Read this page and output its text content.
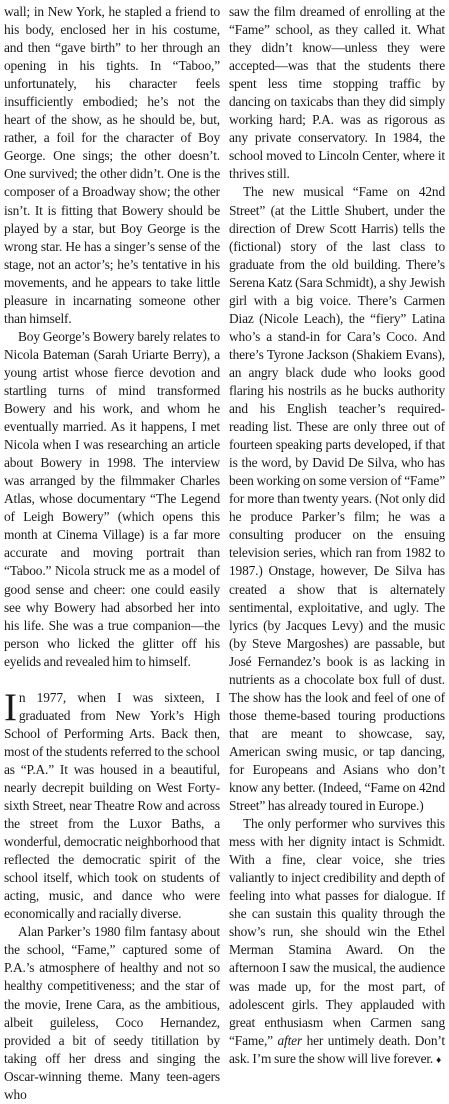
wall; in New York, he stapled a friend to his body, enclosed her in his costume, and then “gave birth” to her through an opening in his tights. In “Taboo,” unfortunately, his character feels insufficiently embodied; he’s not the heart of the show, as he should be, but, rather, a foil for the character of Boy George. One sings; the other doesn’t. One survived; the other didn’t. One is the composer of a Broadway show; the other isn’t. It is fitting that Bowery should be played by a star, but Boy George is the wrong star. He has a singer’s sense of the stage, not an actor’s; he’s tentative in his movements, and he appears to take little pleasure in incarnating someone other than himself.

Boy George’s Bowery barely relates to Nicola Bateman (Sarah Uriarte Berry), a young artist whose fierce devotion and startling turns of mind transformed Bowery and his work, and whom he eventually married. As it happens, I met Nicola when I was researching an article about Bowery in 1998. The interview was arranged by the filmmaker Charles Atlas, whose documentary “The Legend of Leigh Bowery” (which opens this month at Cinema Village) is a far more accurate and moving portrait than “Taboo.” Nicola struck me as a model of good sense and cheer: one could easily see why Bowery had absorbed her into his life. She was a true companion—the person who licked the glitter off his eyelids and revealed him to himself.

In 1977, when I was sixteen, I graduated from New York’s High School of Performing Arts. Back then, most of the students referred to the school as “P.A.” It was housed in a beautiful, nearly decrepit building on West Forty-sixth Street, near Theatre Row and across the street from the Luxor Baths, a wonderful, democratic neighborhood that reflected the democratic spirit of the school itself, which took on students of acting, music, and dance who were economically and racially diverse.

Alan Parker’s 1980 film fantasy about the school, “Fame,” captured some of P.A.’s atmosphere of healthy and not so healthy competitiveness; and the star of the movie, Irene Cara, as the ambitious, albeit guileless, Coco Hernandez, provided a bit of seedy titillation by taking off her dress and singing the Oscar-winning theme. Many teen-agers who

saw the film dreamed of enrolling at the “Fame” school, as they called it. What they didn’t know—unless they were accepted—was that the students there spent less time stopping traffic by dancing on taxicabs than they did simply working hard; P.A. was as rigorous as any private conservatory. In 1984, the school moved to Lincoln Center, where it thrives still.

The new musical “Fame on 42nd Street” (at the Little Shubert, under the direction of Drew Scott Harris) tells the (fictional) story of the last class to graduate from the old building. There’s Serena Katz (Sara Schmidt), a shy Jewish girl with a big voice. There’s Carmen Diaz (Nicole Leach), the “fiery” Latina who’s a stand-in for Cara’s Coco. And there’s Tyrone Jackson (Shakiem Evans), an angry black dude who looks good flaring his nostrils as he bucks authority and his English teacher’s required-reading list. These are only three out of fourteen speaking parts developed, if that is the word, by David De Silva, who has been working on some version of “Fame” for more than twenty years. (Not only did he produce Parker’s film; he was a consulting producer on the ensuing television series, which ran from 1982 to 1987.) Onstage, however, De Silva has created a show that is alternately sentimental, exploitative, and ugly. The lyrics (by Jacques Levy) and the music (by Steve Margoshes) are passable, but José Fernandez’s book is as lacking in nutrients as a chocolate box full of dust. The show has the look and feel of one of those theme-based touring productions that are meant to showcase, say, American swing music, or tap dancing, for Europeans and Asians who don’t know any better. (Indeed, “Fame on 42nd Street” has already toured in Europe.)

The only performer who survives this mess with her dignity intact is Schmidt. With a fine, clear voice, she tries valiantly to inject credibility and depth of feeling into what passes for dialogue. If she can sustain this quality through the show’s run, she should win the Ethel Merman Stamina Award. On the afternoon I saw the musical, the audience was made up, for the most part, of adolescent girls. They applauded with great enthusiasm when Carmen sang “Fame,” after her untimely death. Don’t ask. I’m sure the show will live forever. ♦
